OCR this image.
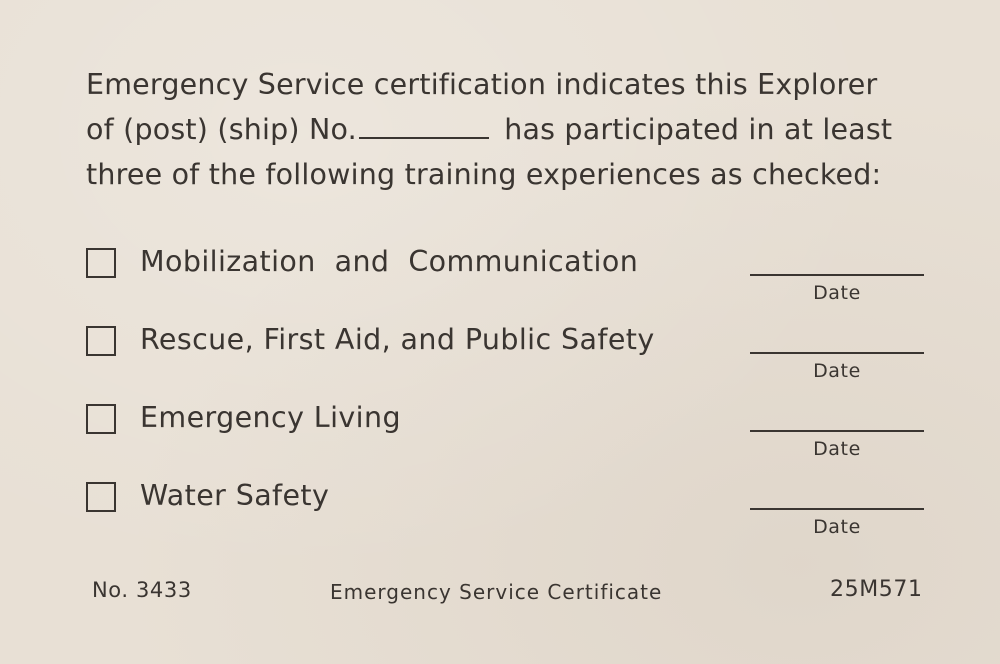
Emergency Service certification indicates this Explorer
of (post) (ship) No.	has participated in at least
three of the following training experiences as checked:

Mobilization  and  Communication
Date
Rescue, First Aid, and Public Safety
Date
Emergency Living
Date
Water Safety
Date
No. 3433	Emergency Service Certificate	25M571
